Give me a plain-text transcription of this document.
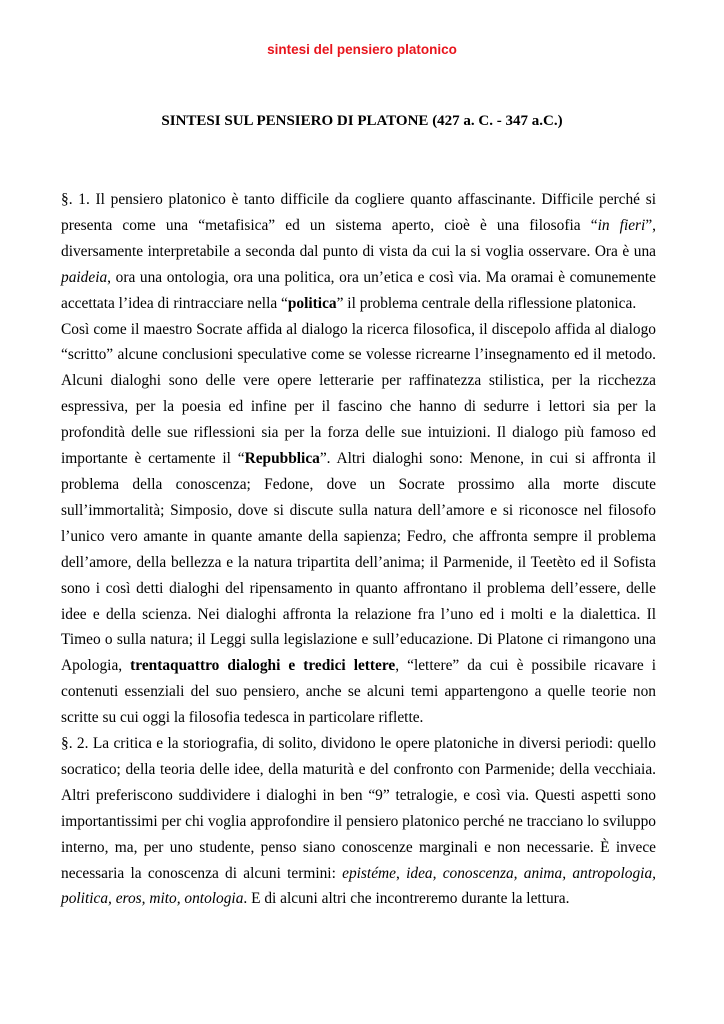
sintesi del pensiero platonico
SINTESI SUL PENSIERO DI PLATONE (427 a. C. - 347 a.C.)

§. 1. Il pensiero platonico è tanto difficile da cogliere quanto affascinante. Difficile perché si presenta come una “metafisica” ed un sistema aperto, cioè è una filosofia “in fieri”, diversamente interpretabile a seconda dal punto di vista da cui la si voglia osservare. Ora è una paideia, ora una ontologia, ora una politica, ora un’etica e così via. Ma oramai è comunemente accettata l’idea di rintracciare nella “politica” il problema centrale della riflessione platonica.

Così come il maestro Socrate affida al dialogo la ricerca filosofica, il discepolo affida al dialogo “scritto” alcune conclusioni speculative come se volesse ricrearne l’insegnamento ed il metodo. Alcuni dialoghi sono delle vere opere letterarie per raffinatezza stilistica, per la ricchezza espressiva, per la poesia ed infine per il fascino che hanno di sedurre i lettori sia per la profondità delle sue riflessioni sia per la forza delle sue intuizioni. Il dialogo più famoso ed importante è certamente il “Repubblica”. Altri dialoghi sono: Menone, in cui si affronta il problema della conoscenza; Fedone, dove un Socrate prossimo alla morte discute sull’immortalità; Simposio, dove si discute sulla natura dell’amore e si riconosce nel filosofo l’unico vero amante in quante amante della sapienza; Fedro, che affronta sempre il problema dell’amore, della bellezza e la natura tripartita dell’anima; il Parmenide, il Teetèto ed il Sofista sono i così detti dialoghi del ripensamento in quanto affrontano il problema dell’essere, delle idee e della scienza. Nei dialoghi affronta la relazione fra l’uno ed i molti e la dialettica. Il Timeo o sulla natura; il Leggi sulla legislazione e sull’educazione. Di Platone ci rimangono una Apologia, trentaquattro dialoghi e tredici lettere, “lettere” da cui è possibile ricavare i contenuti essenziali del suo pensiero, anche se alcuni temi appartengono a quelle teorie non scritte su cui oggi la filosofia tedesca in particolare riflette.

§. 2. La critica e la storiografia, di solito, dividono le opere platoniche in diversi periodi: quello socratico; della teoria delle idee, della maturità e del confronto con Parmenide; della vecchiaia. Altri preferiscono suddividere i dialoghi in ben “9” tetralogie, e così via. Questi aspetti sono importantissimi per chi voglia approfondire il pensiero platonico perché ne tracciano lo sviluppo interno, ma, per uno studente, penso siano conoscenze marginali e non necessarie. È invece necessaria la conoscenza di alcuni termini: epistéme, idea, conoscenza, anima, antropologia, politica, eros, mito, ontologia. E di alcuni altri che incontreremo durante la lettura.
